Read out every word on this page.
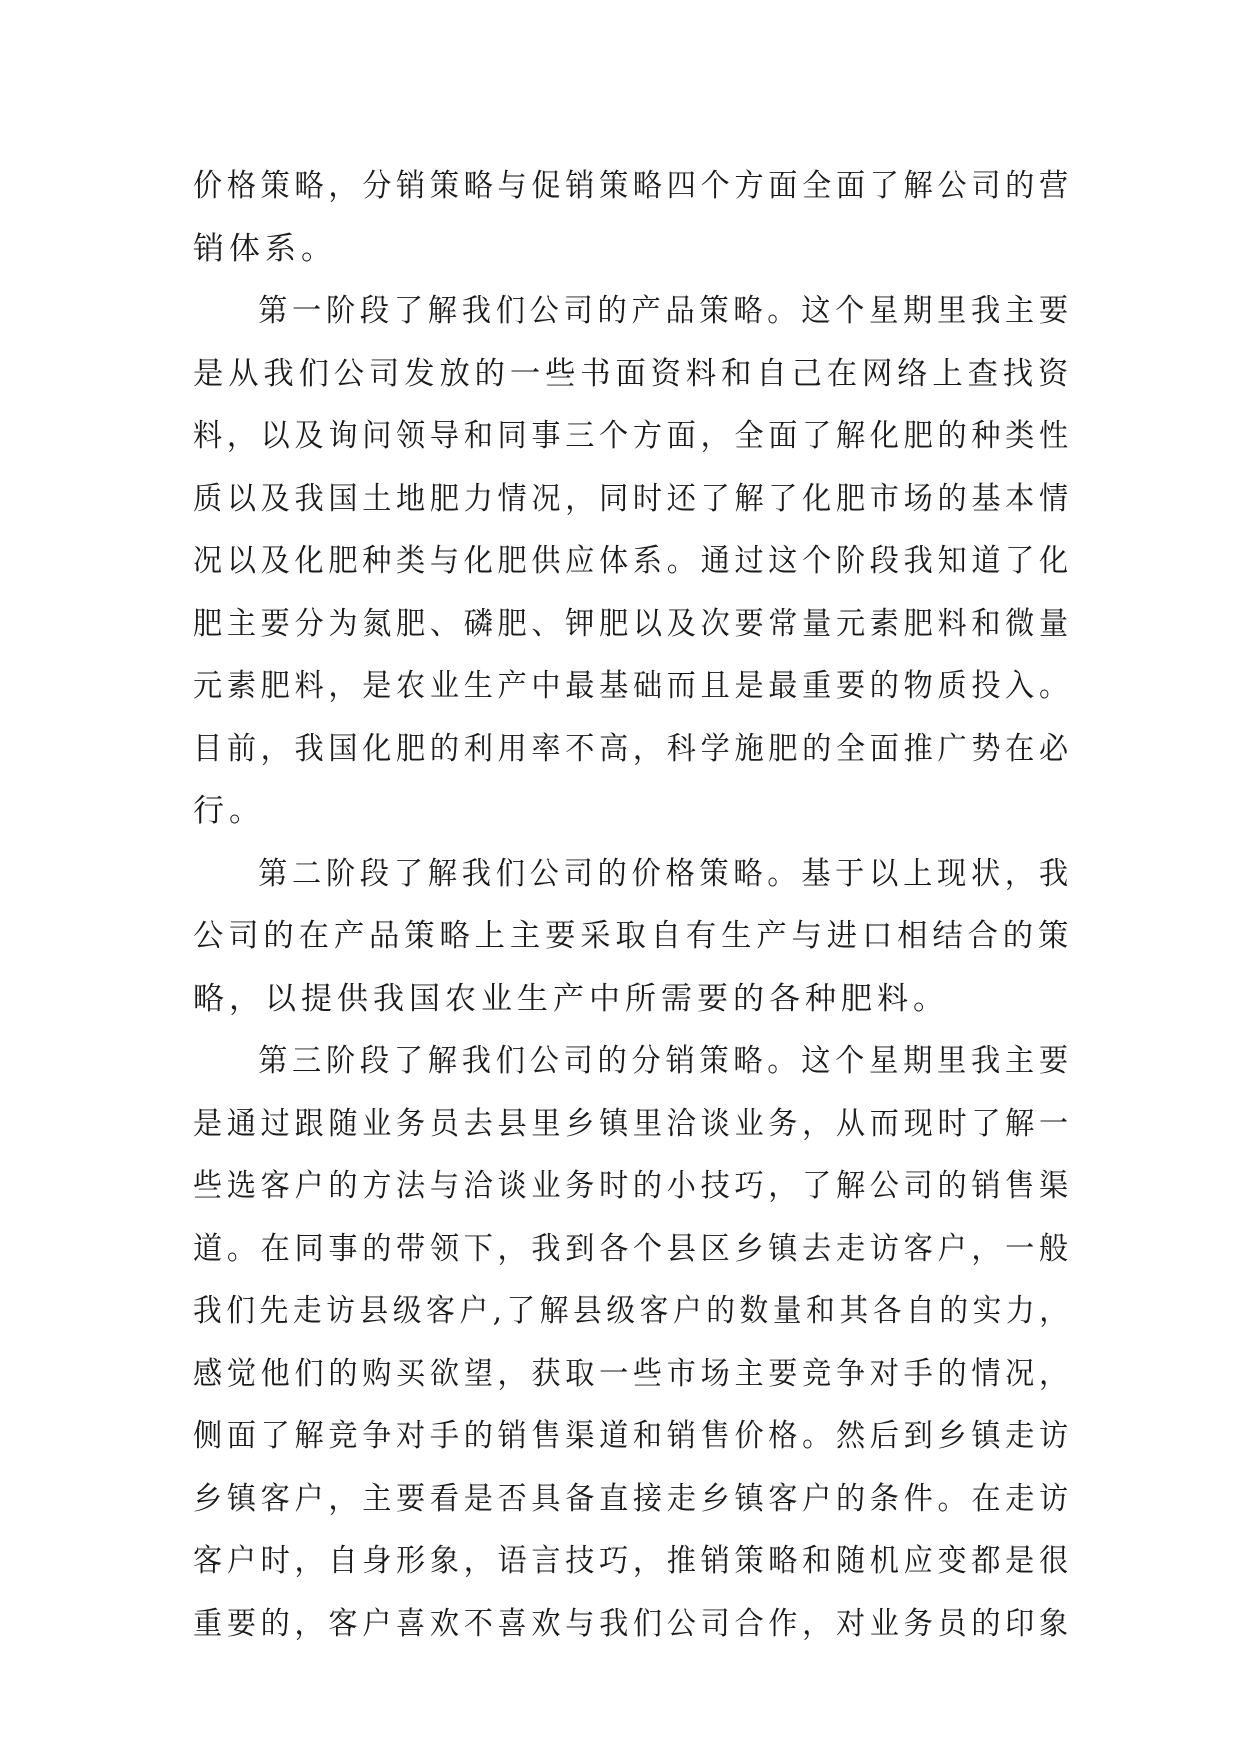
价格策略，分销策略与促销策略四个方面全面了解公司的营
销体系。
第一阶段了解我们公司的产品策略。这个星期里我主要
是从我们公司发放的一些书面资料和自己在网络上查找资
料，以及询问领导和同事三个方面，全面了解化肥的种类性
质以及我国土地肥力情况，同时还了解了化肥市场的基本情
况以及化肥种类与化肥供应体系。通过这个阶段我知道了化
肥主要分为氮肥、磷肥、钾肥以及次要常量元素肥料和微量
元素肥料，是农业生产中最基础而且是最重要的物质投入。
目前，我国化肥的利用率不高，科学施肥的全面推广势在必
行。
第二阶段了解我们公司的价格策略。基于以上现状，我
公司的在产品策略上主要采取自有生产与进口相结合的策
略，以提供我国农业生产中所需要的各种肥料。
第三阶段了解我们公司的分销策略。这个星期里我主要
是通过跟随业务员去县里乡镇里洽谈业务，从而现时了解一
些选客户的方法与洽谈业务时的小技巧，了解公司的销售渠
道。在同事的带领下，我到各个县区乡镇去走访客户，一般
我们先走访县级客户,了解县级客户的数量和其各自的实力，
感觉他们的购买欲望，获取一些市场主要竞争对手的情况，
侧面了解竞争对手的销售渠道和销售价格。然后到乡镇走访
乡镇客户，主要看是否具备直接走乡镇客户的条件。在走访
客户时，自身形象，语言技巧，推销策略和随机应变都是很
重要的，客户喜欢不喜欢与我们公司合作，对业务员的印象
